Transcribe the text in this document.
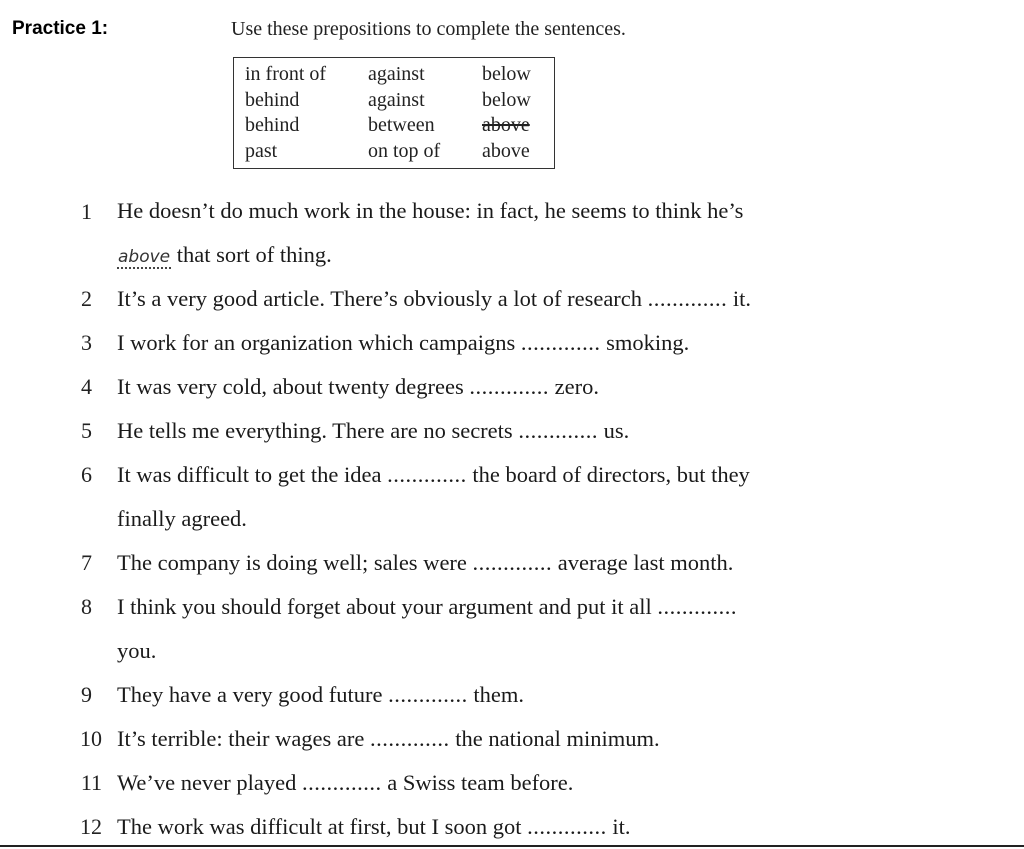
Practice 1:	Use these prepositions to complete the sentences.
in front of
behind
behind
past
against
against
between
on top of
below
below
above
above
1 He doesn’t do much work in the house: in fact, he seems to think he’s
above that sort of thing.
2 It’s a very good article. There’s obviously a lot of research ............. it.
3 I work for an organization which campaigns ............. smoking.
4 It was very cold, about twenty degrees ............. zero.
5 He tells me everything. There are no secrets ............. us.
6 It was difficult to get the idea ............. the board of directors, but they
finally agreed.
7 The company is doing well; sales were ............. average last month.
8 I think you should forget about your argument and put it all .............
you.
9 They have a very good future ............. them.
10 It’s terrible: their wages are ............. the national minimum.
11 We’ve never played ............. a Swiss team before.
12 The work was difficult at first, but I soon got ............. it.
